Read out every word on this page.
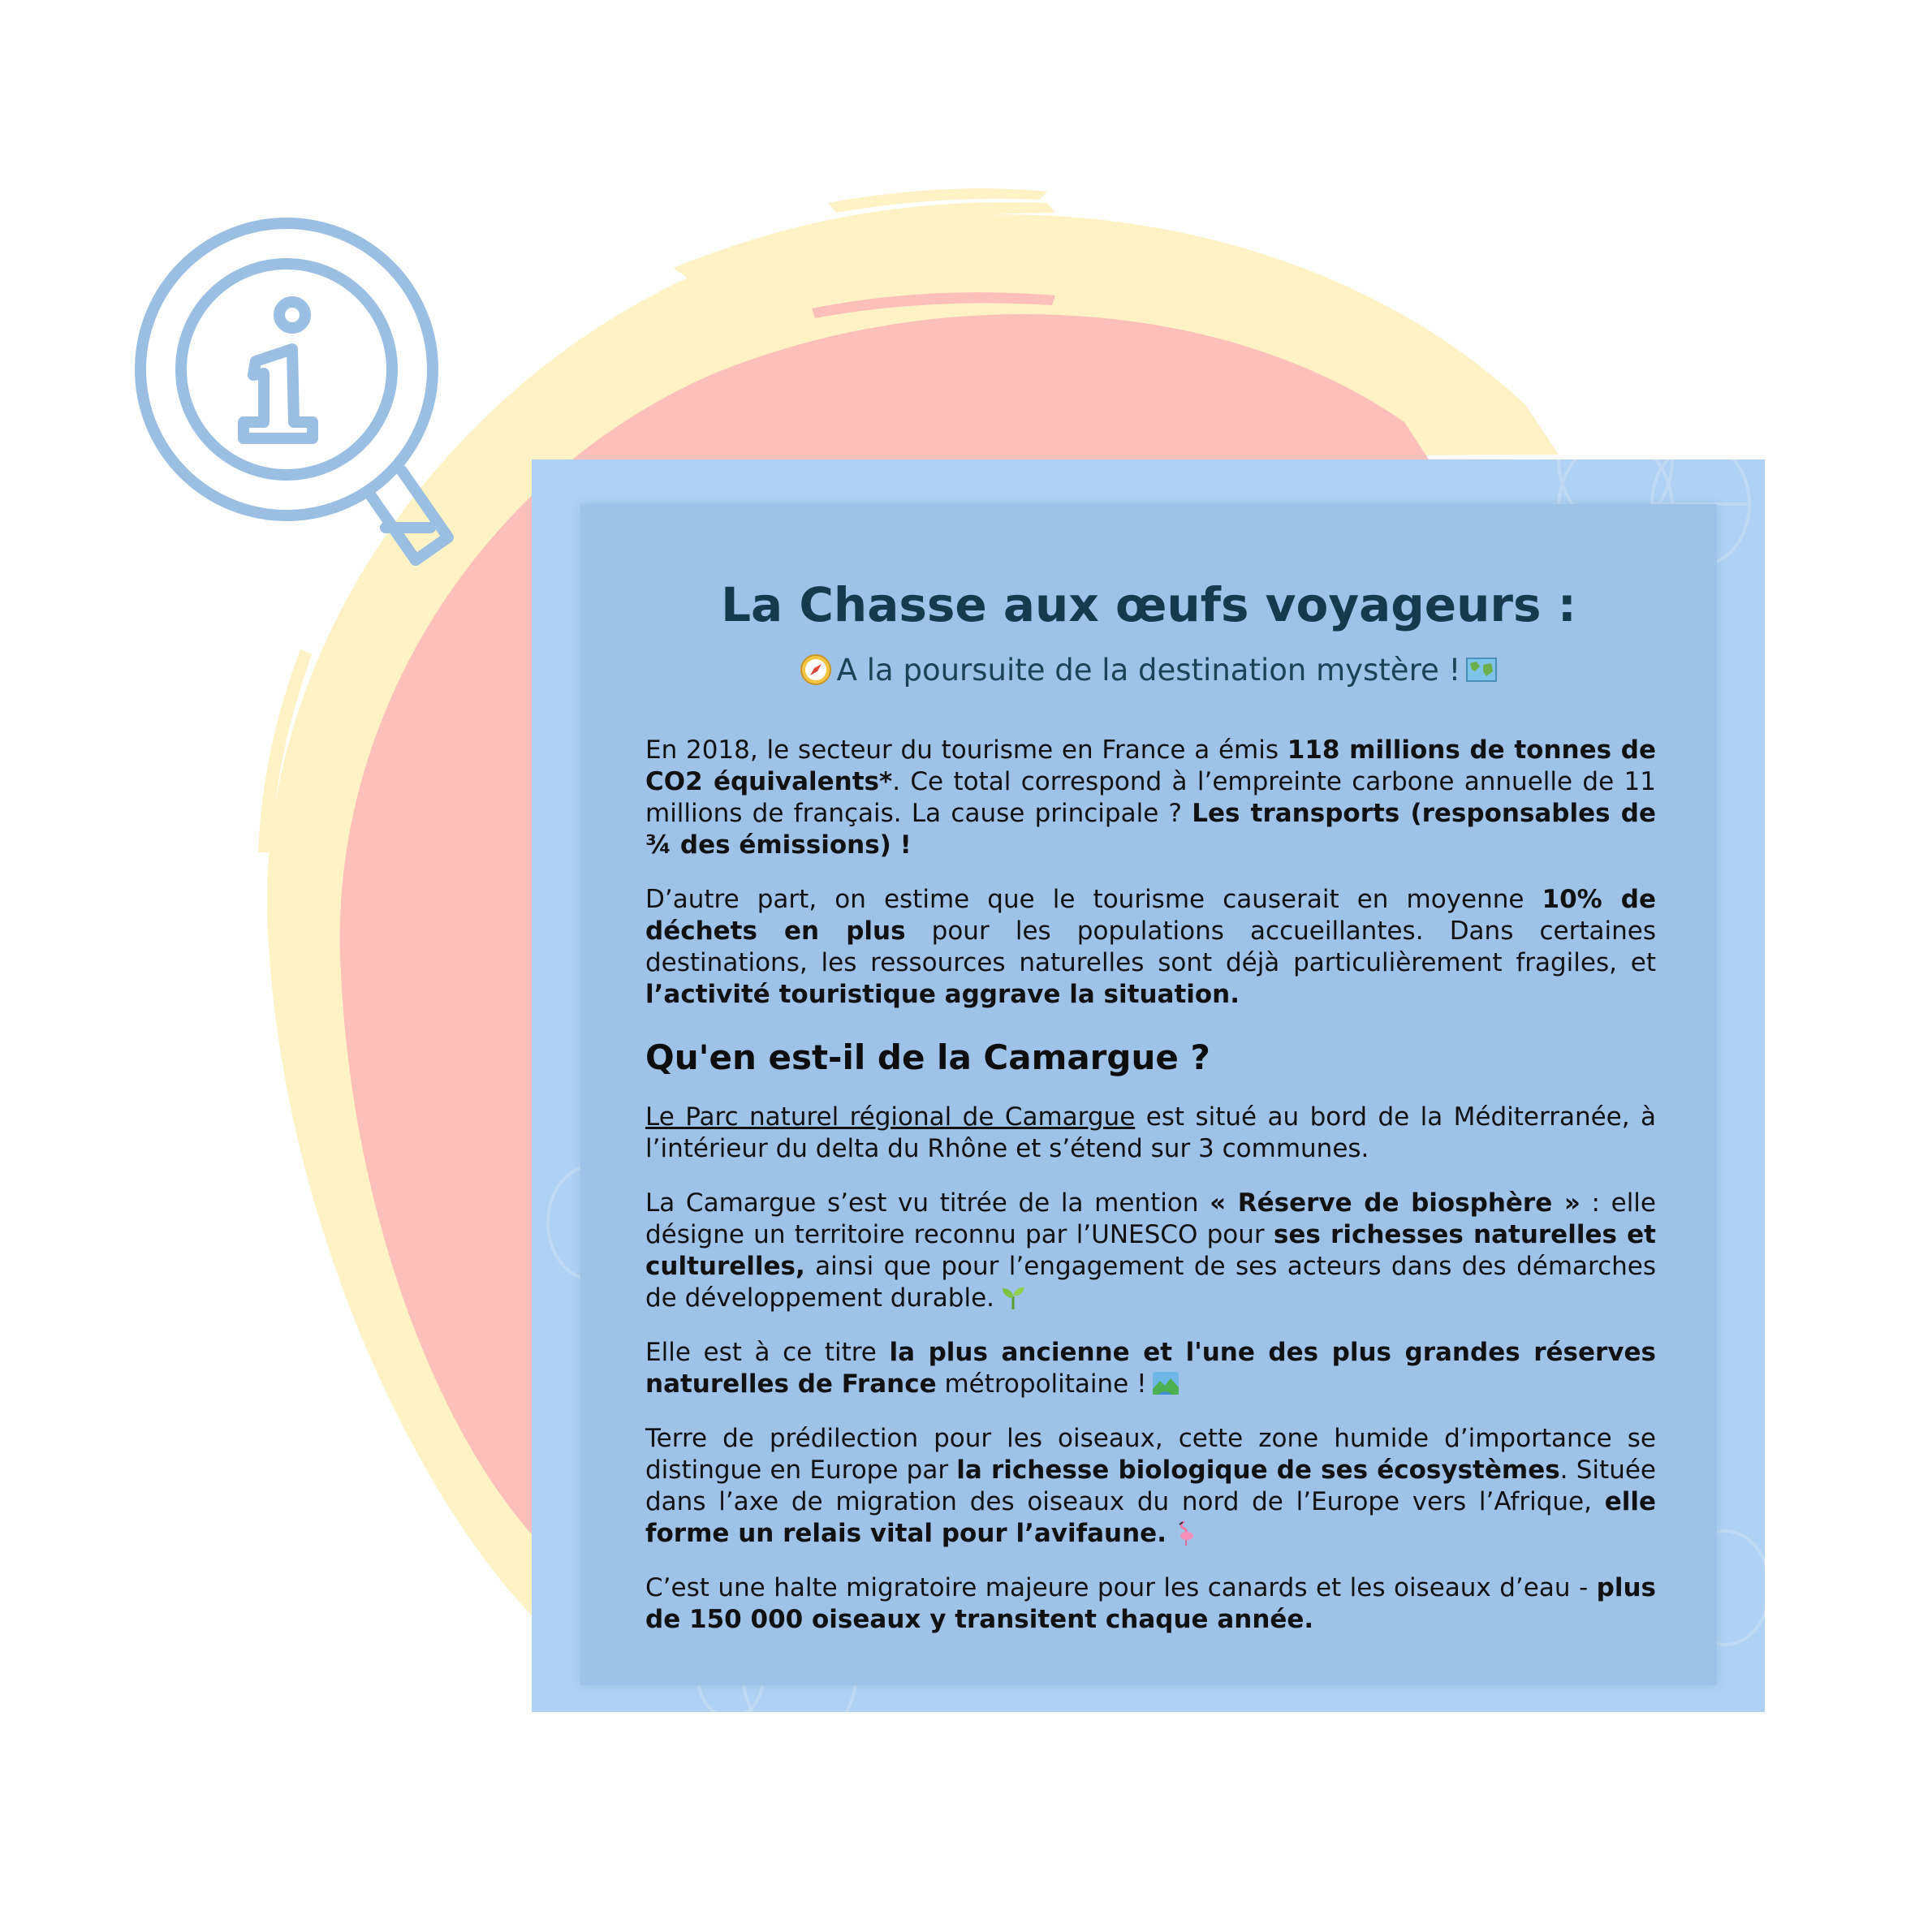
La Chasse aux œufs voyageurs :
A la poursuite de la destination mystère !

En 2018, le secteur du tourisme en France a émis 118 millions de tonnes de CO2 équivalents*. Ce total correspond à l’empreinte carbone annuelle de 11 millions de français. La cause principale ? Les transports (responsables de ¾ des émissions) !

D’autre part, on estime que le tourisme causerait en moyenne 10% de déchets en plus pour les populations accueillantes. Dans certaines destinations, les ressources naturelles sont déjà particulièrement fragiles, et l’activité touristique aggrave la situation.

Qu'en est-il de la Camargue ?

Le Parc naturel régional de Camargue est situé au bord de la Méditerranée, à l’intérieur du delta du Rhône et s’étend sur 3 communes.

La Camargue s’est vu titrée de la mention « Réserve de biosphère » : elle désigne un territoire reconnu par l’UNESCO pour ses richesses naturelles et culturelles, ainsi que pour l’engagement de ses acteurs dans des démarches de développement durable.

Elle est à ce titre la plus ancienne et l'une des plus grandes réserves naturelles de France métropolitaine !

Terre de prédilection pour les oiseaux, cette zone humide d’importance se distingue en Europe par la richesse biologique de ses écosystèmes. Située dans l’axe de migration des oiseaux du nord de l’Europe vers l’Afrique, elle forme un relais vital pour l’avifaune.

C’est une halte migratoire majeure pour les canards et les oiseaux d’eau - plus de 150 000 oiseaux y transitent chaque année.
